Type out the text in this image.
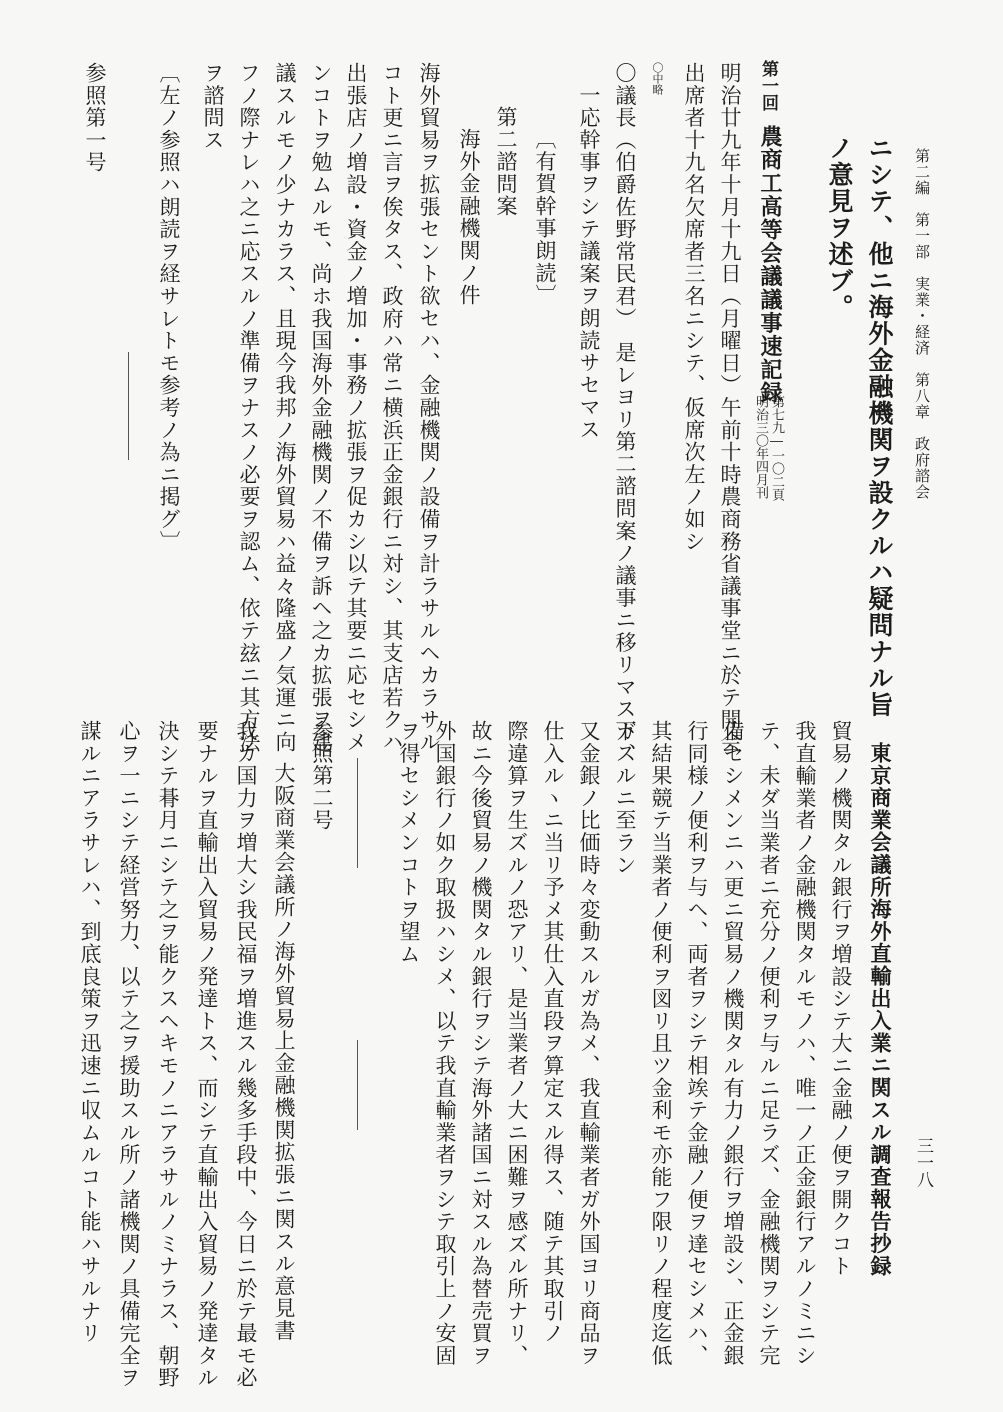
第二編　第一部　実業・経済　第八章　政府諮会
ニシテ、他ニ海外金融機関ヲ設クルハ疑問ナル旨
ノ意見ヲ述ブ。
第一回
農商工高等会議議事速記録
第七九―一〇二頁
明治三〇年四月刊
明治廿九年十月十九日（月曜日）午前十時農商務省議事堂ニ於テ開会
出席者十九名欠席者三名ニシテ、仮席次左ノ如シ
〇中略
〇議長（伯爵佐野常民君）　是レヨリ第二諮問案ノ議事ニ移リマスガ、
一応幹事ヲシテ議案ヲ朗読サセマス
〔有賀幹事朗読〕
第二諮問案
海外金融機関ノ件
海外貿易ヲ拡張セント欲セハ、金融機関ノ設備ヲ計ラサルヘカラサル
コト更ニ言ヲ俟タス、政府ハ常ニ横浜正金銀行ニ対シ、其支店若クハ
出張店ノ増設・資金ノ増加・事務ノ拡張ヲ促カシ以テ其要ニ応セシメ
ンコトヲ勉ムルモ、尚ホ我国海外金融機関ノ不備ヲ訴ヘ之カ拡張ヲ建
議スルモノ少ナカラス、且現今我邦ノ海外貿易ハ益々隆盛ノ気運ニ向
フノ際ナレハ之ニ応スルノ準備ヲナスノ必要ヲ認ム、依テ玆ニ其方法
ヲ諮問ス
〔左ノ参照ハ朗読ヲ経サレトモ参考ノ為ニ掲グ〕
参照第一号
三一八
東京商業会議所海外直輸出入業ニ関スル調査報告抄録
貿易ノ機関タル銀行ヲ増設シテ大ニ金融ノ便ヲ開クコト
我直輸業者ノ金融機関タルモノハ、唯一ノ正金銀行アルノミニシ
テ、未ダ当業者ニ充分ノ便利ヲ与ルニ足ラズ、金融機関ヲシテ完
備セシメンニハ更ニ貿易ノ機関タル有力ノ銀行ヲ増設シ、正金銀
行同様ノ便利ヲ与ヘ、両者ヲシテ相竢テ金融ノ便ヲ達セシメハ、
其結果競テ当業者ノ便利ヲ図リ且ツ金利モ亦能フ限リノ程度迄低
下スルニ至ラン
又金銀ノ比価時々変動スルガ為メ、我直輸業者ガ外国ヨリ商品ヲ
仕入ルヽニ当リ予メ其仕入直段ヲ算定スル得ス、随テ其取引ノ
際違算ヲ生ズルノ恐アリ、是当業者ノ大ニ困難ヲ感ズル所ナリ、
故ニ今後貿易ノ機関タル銀行ヲシテ海外諸国ニ対スル為替売買ヲ
外国銀行ノ如ク取扱ハシメ、以テ我直輸業者ヲシテ取引上ノ安固
ヲ得セシメンコトヲ望ム
参照第二号
大阪商業会議所ノ海外貿易上金融機関拡張ニ関スル意見書
我カ国力ヲ増大シ我民福ヲ増進スル幾多手段中、今日ニ於テ最モ必
要ナルヲ直輸出入貿易ノ発達トス、而シテ直輸出入貿易ノ発達タル
決シテ朞月ニシテ之ヲ能クスヘキモノニアラサルノミナラス、朝野
心ヲ一ニシテ経営努力、以テ之ヲ援助スル所ノ諸機関ノ具備完全ヲ
謀ルニアラサレハ、到底良策ヲ迅速ニ収ムルコト能ハサルナリ
